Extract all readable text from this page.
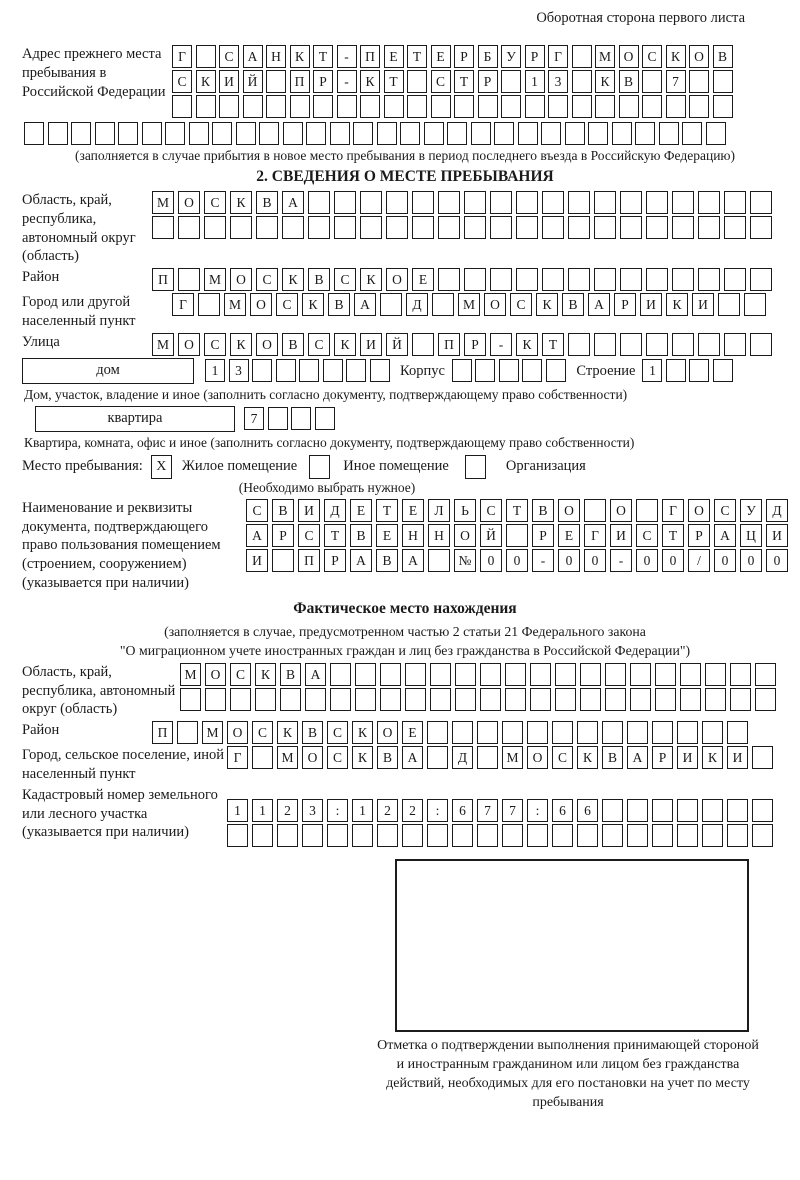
Оборотная сторона первого листа
Адрес прежнего места пребывания в Российской Федерации
Г	С	А	Н	К	Т	-	П	Е	Т	Е	Р	Б	У	Р	Г	М О	С	К	О	В
С	К	И	Й	П	Р	-	К	Т	С	Т	Р	1	3	К	В	7
(заполняется в случае прибытия в новое место пребывания в период последнего въезда в Российскую Федерацию)
2. СВЕДЕНИЯ О МЕСТЕ ПРЕБЫВАНИЯ
Область, край, республика, автономный округ (область)
М	О	С	К	В	А
Район	П	М	О	С	К	В	С	К	О	Е
Город или другой населенный пункт
Г	М	О	С	К	В	А	Д	М	О	С	К	В	А	Р	И	К	И
Улица	М	О	С	К	О	В	С	К	И	Й	П	Р	-	К	Т
дом	1	3	Корпус	Строение	1
Дом, участок, владение и иное (заполнить согласно документу, подтверждающему право собственности)
квартира	7
Квартира, комната, офис и иное (заполнить согласно документу, подтверждающему право собственности)
Место пребывания: X	Жилое помещение	Иное помещение	Организация
(Необходимо выбрать нужное)
Наименование и реквизиты документа, подтверждающего право пользования помещением (строением, сооружением) (указывается при наличии)
С	В	И	Д	Е	Т	Е	Л	Ь	С	Т	В	О	О	Г	О	С	У	Д
А	Р	С	Т	В	Е	Н	Н	О	Й	Р	Е	Г	И	С	Т	Р	А	Ц	И
И	П	Р	А	В	А	№	0	0	-	0	0	-	0	0	/	0	0	0
Фактическое место нахождения
(заполняется в случае, предусмотренном частью 2 статьи 21 Федерального закона
"О миграционном учете иностранных граждан и лиц без гражданства в Российской Федерации")
Область, край, республика, автономный округ (область)
М	О	С	К	В	А
Район	П	М	О	С	К	В	С	К	О	Е
Город, сельское поселение, иной населенный пункт
Г	М	О	С	К	В	А	Д	М	О	С	К	В	А	Р	И	К	И
Кадастровый номер земельного или лесного участка (указывается при наличии)
1	1	2	3	:	1	2	2	:	6	7	7	:	6	6
Отметка о подтверждении выполнения принимающей стороной и иностранным гражданином или лицом без гражданства действий, необходимых для его постановки на учет по месту пребывания
